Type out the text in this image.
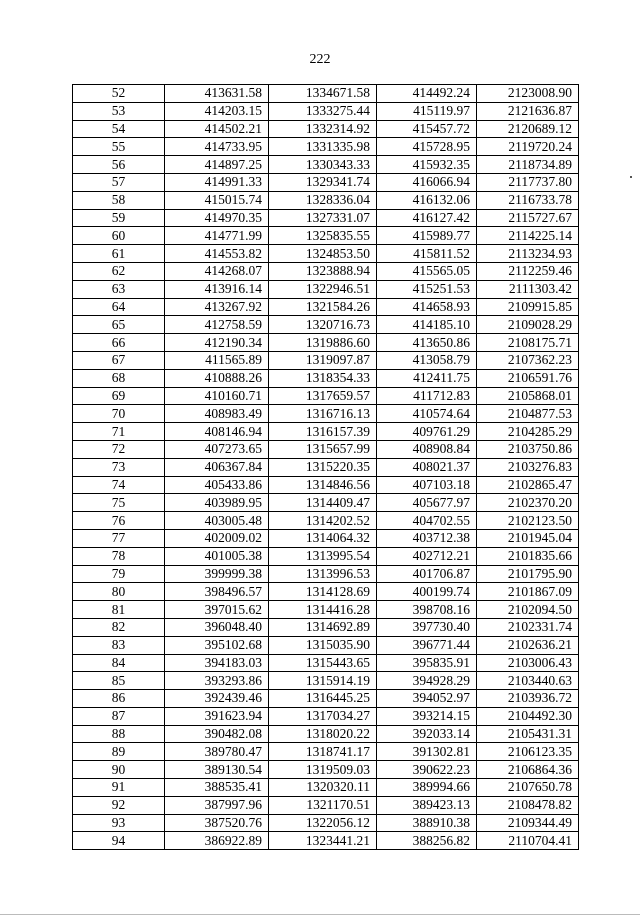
222
52	413631.58	1334671.58	414492.24	2123008.90
53	414203.15	1333275.44	415119.97	2121636.87
54	414502.21	1332314.92	415457.72	2120689.12
55	414733.95	1331335.98	415728.95	2119720.24
56	414897.25	1330343.33	415932.35	2118734.89
57	414991.33	1329341.74	416066.94	2117737.80
58	415015.74	1328336.04	416132.06	2116733.78
59	414970.35	1327331.07	416127.42	2115727.67
60	414771.99	1325835.55	415989.77	2114225.14
61	414553.82	1324853.50	415811.52	2113234.93
62	414268.07	1323888.94	415565.05	2112259.46
63	413916.14	1322946.51	415251.53	2111303.42
64	413267.92	1321584.26	414658.93	2109915.85
65	412758.59	1320716.73	414185.10	2109028.29
66	412190.34	1319886.60	413650.86	2108175.71
67	411565.89	1319097.87	413058.79	2107362.23
68	410888.26	1318354.33	412411.75	2106591.76
69	410160.71	1317659.57	411712.83	2105868.01
70	408983.49	1316716.13	410574.64	2104877.53
71	408146.94	1316157.39	409761.29	2104285.29
72	407273.65	1315657.99	408908.84	2103750.86
73	406367.84	1315220.35	408021.37	2103276.83
74	405433.86	1314846.56	407103.18	2102865.47
75	403989.95	1314409.47	405677.97	2102370.20
76	403005.48	1314202.52	404702.55	2102123.50
77	402009.02	1314064.32	403712.38	2101945.04
78	401005.38	1313995.54	402712.21	2101835.66
79	399999.38	1313996.53	401706.87	2101795.90
80	398496.57	1314128.69	400199.74	2101867.09
81	397015.62	1314416.28	398708.16	2102094.50
82	396048.40	1314692.89	397730.40	2102331.74
83	395102.68	1315035.90	396771.44	2102636.21
84	394183.03	1315443.65	395835.91	2103006.43
85	393293.86	1315914.19	394928.29	2103440.63
86	392439.46	1316445.25	394052.97	2103936.72
87	391623.94	1317034.27	393214.15	2104492.30
88	390482.08	1318020.22	392033.14	2105431.31
89	389780.47	1318741.17	391302.81	2106123.35
90	389130.54	1319509.03	390622.23	2106864.36
91	388535.41	1320320.11	389994.66	2107650.78
92	387997.96	1321170.51	389423.13	2108478.82
93	387520.76	1322056.12	388910.38	2109344.49
94	386922.89	1323441.21	388256.82	2110704.41
